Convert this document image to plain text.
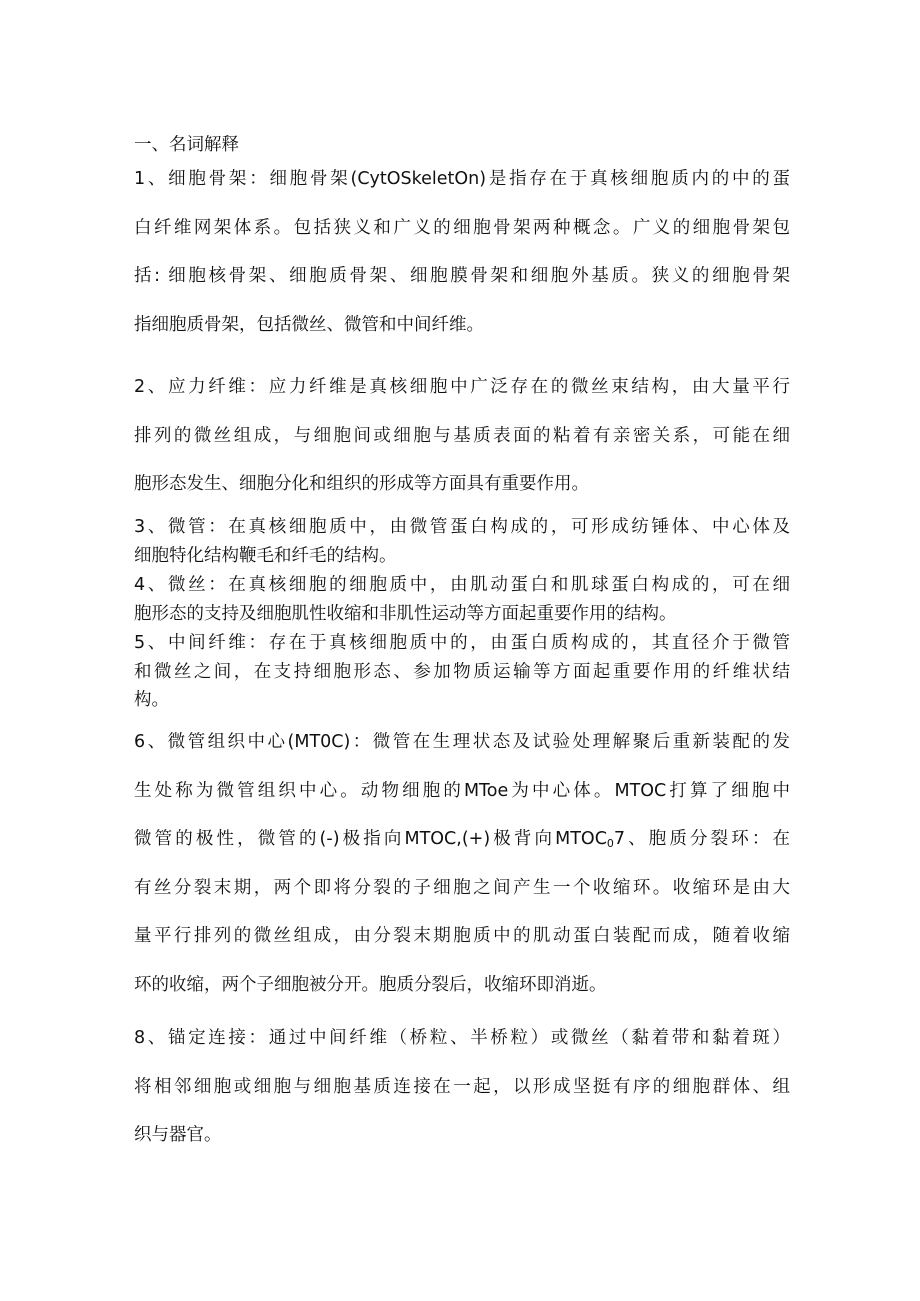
一、名词解释
1、细胞骨架：细胞骨架(CytOSkeletOn)是指存在于真核细胞质内的中的蛋
白纤维网架体系。包括狭义和广义的细胞骨架两种概念。广义的细胞骨架包
括: 细胞核骨架、细胞质骨架、细胞膜骨架和细胞外基质。狭义的细胞骨架
指细胞质骨架，包括微丝、微管和中间纤维。
2、应力纤维：应力纤维是真核细胞中广泛存在的微丝束结构，由大量平行
排列的微丝组成，与细胞间或细胞与基质表面的粘着有亲密关系，可能在细
胞形态发生、细胞分化和组织的形成等方面具有重要作用。
3、微管：在真核细胞质中，由微管蛋白构成的，可形成纺锤体、中心体及
细胞特化结构鞭毛和纤毛的结构。
4、微丝：在真核细胞的细胞质中，由肌动蛋白和肌球蛋白构成的，可在细
胞形态的支持及细胞肌性收缩和非肌性运动等方面起重要作用的结构。
5、中间纤维：存在于真核细胞质中的，由蛋白质构成的，其直径介于微管
和微丝之间，在支持细胞形态、参加物质运输等方面起重要作用的纤维状结
构。
6、微管组织中心(MT0C)：微管在生理状态及试验处理解聚后重新装配的发
生处称为微管组织中心。动物细胞的MToe为中心体。MTOC打算了细胞中
微管的极性，微管的(-)极指向MTOC,(+)极背向$MTOC_07$、胞质分裂环：在
有丝分裂末期，两个即将分裂的子细胞之间产生一个收缩环。收缩环是由大
量平行排列的微丝组成，由分裂末期胞质中的肌动蛋白装配而成，随着收缩
环的收缩，两个子细胞被分开。胞质分裂后，收缩环即消逝。
8、锚定连接：通过中间纤维（桥粒、半桥粒）或微丝（黏着带和黏着斑）
将相邻细胞或细胞与细胞基质连接在一起，以形成坚挺有序的细胞群体、组
织与器官。
